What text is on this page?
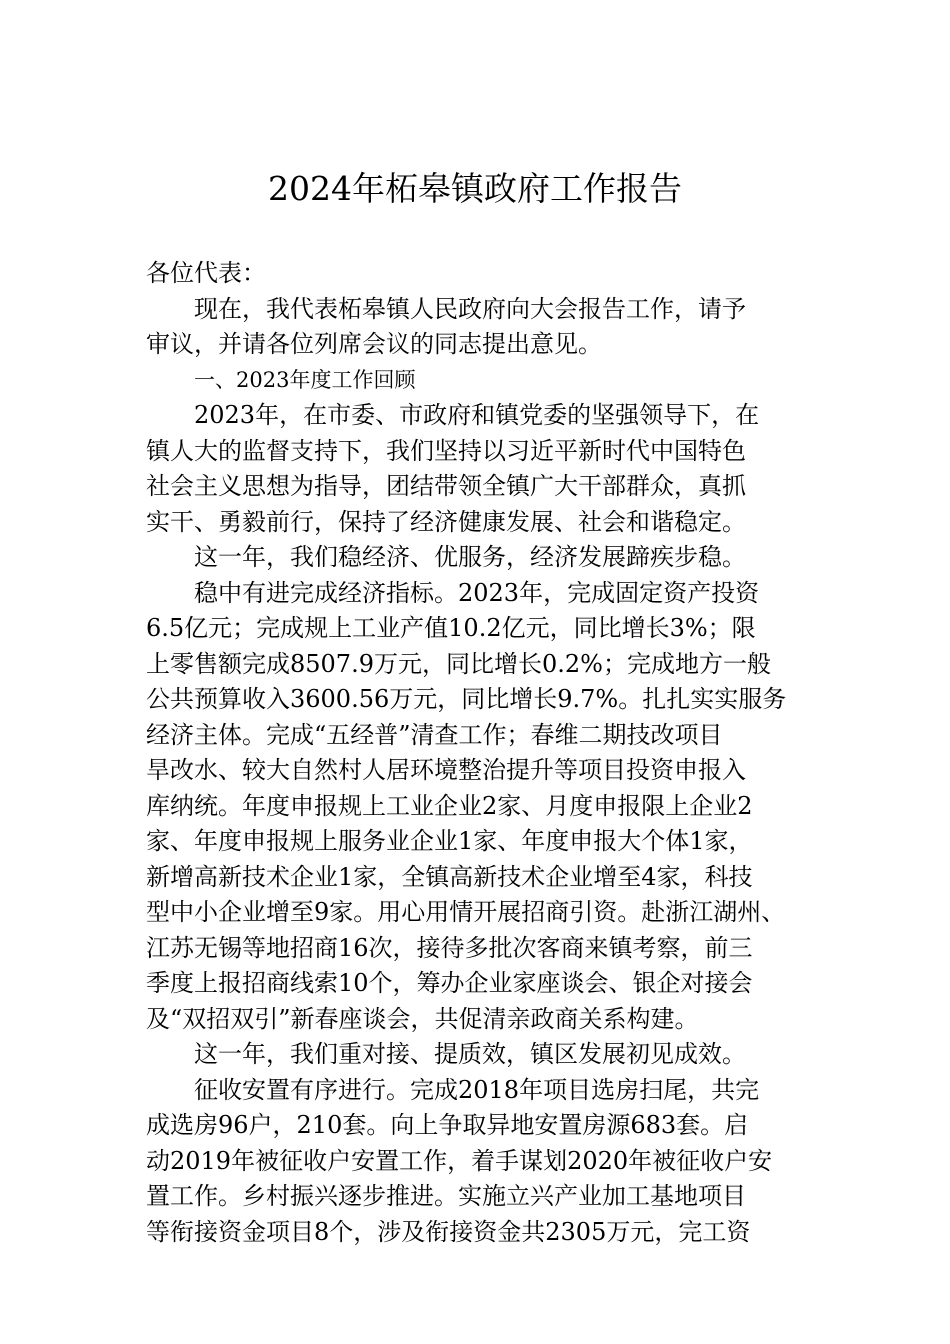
2024年柘皋镇政府工作报告
各位代表：
现在，我代表柘皋镇人民政府向大会报告工作，请予
审议，并请各位列席会议的同志提出意见。
一、2023年度工作回顾
2023年，在市委、市政府和镇党委的坚强领导下，在
镇人大的监督支持下，我们坚持以习近平新时代中国特色
社会主义思想为指导，团结带领全镇广大干部群众，真抓
实干、勇毅前行，保持了经济健康发展、社会和谐稳定。
这一年，我们稳经济、优服务，经济发展蹄疾步稳。
稳中有进完成经济指标。2023年，完成固定资产投资
6.5亿元；完成规上工业产值10.2亿元，同比增长3%；限
上零售额完成8507.9万元，同比增长0.2%；完成地方一般
公共预算收入3600.56万元，同比增长9.7%。扎扎实实服务
经济主体。完成“五经普”清查工作；春维二期技改项目
旱改水、较大自然村人居环境整治提升等项目投资申报入
库纳统。年度申报规上工业企业2家、月度申报限上企业2
家、年度申报规上服务业企业1家、年度申报大个体1家，
新增高新技术企业1家，全镇高新技术企业增至4家，科技
型中小企业增至9家。用心用情开展招商引资。赴浙江湖州、
江苏无锡等地招商16次，接待多批次客商来镇考察，前三
季度上报招商线索10个，筹办企业家座谈会、银企对接会
及“双招双引”新春座谈会，共促清亲政商关系构建。
这一年，我们重对接、提质效，镇区发展初见成效。
征收安置有序进行。完成2018年项目选房扫尾，共完
成选房96户，210套。向上争取异地安置房源683套。启
动2019年被征收户安置工作，着手谋划2020年被征收户安
置工作。乡村振兴逐步推进。实施立兴产业加工基地项目
等衔接资金项目8个，涉及衔接资金共2305万元，完工资
